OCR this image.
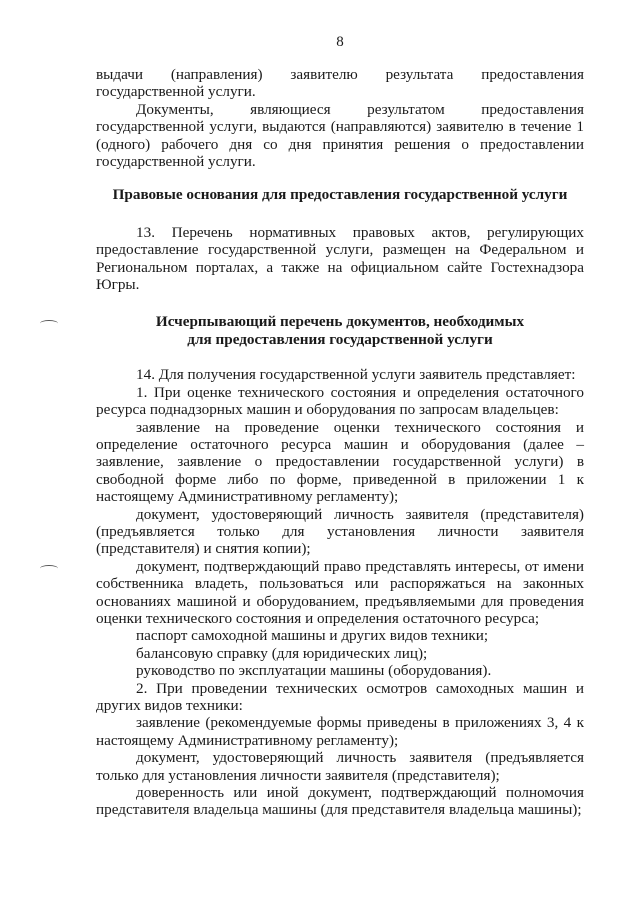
8

выдачи (направления) заявителю результата предоставления государственной услуги.

Документы, являющиеся результатом предоставления государственной услуги, выдаются (направляются) заявителю в течение 1 (одного) рабочего дня со дня принятия решения о предоставлении государственной услуги.

Правовые основания для предоставления государственной услуги

13. Перечень нормативных правовых актов, регулирующих предоставление государственной услуги, размещен на Федеральном и Региональном порталах, а также на официальном сайте Гостехнадзора Югры.

Исчерпывающий перечень документов, необходимых

для предоставления государственной услуги

14. Для получения государственной услуги заявитель представляет:

1. При оценке технического состояния и определения остаточного ресурса поднадзорных машин и оборудования по запросам владельцев:

заявление на проведение оценки технического состояния и определение остаточного ресурса машин и оборудования (далее – заявление, заявление о предоставлении государственной услуги) в свободной форме либо по форме, приведенной в приложении 1 к настоящему Административному регламенту);

документ, удостоверяющий личность заявителя (представителя) (предъявляется только для установления личности заявителя (представителя) и снятия копии);

документ, подтверждающий право представлять интересы, от имени собственника владеть, пользоваться или распоряжаться на законных основаниях машиной и оборудованием, предъявляемыми для проведения оценки технического состояния и определения остаточного ресурса;

паспорт самоходной машины и других видов техники;

балансовую справку (для юридических лиц);

руководство по эксплуатации машины (оборудования).

2. При проведении технических осмотров самоходных машин и других видов техники:

заявление (рекомендуемые формы приведены в приложениях 3, 4 к настоящему Административному регламенту);

документ, удостоверяющий личность заявителя (предъявляется только для установления личности заявителя (представителя);

доверенность или иной документ, подтверждающий полномочия представителя владельца машины (для представителя владельца машины);
